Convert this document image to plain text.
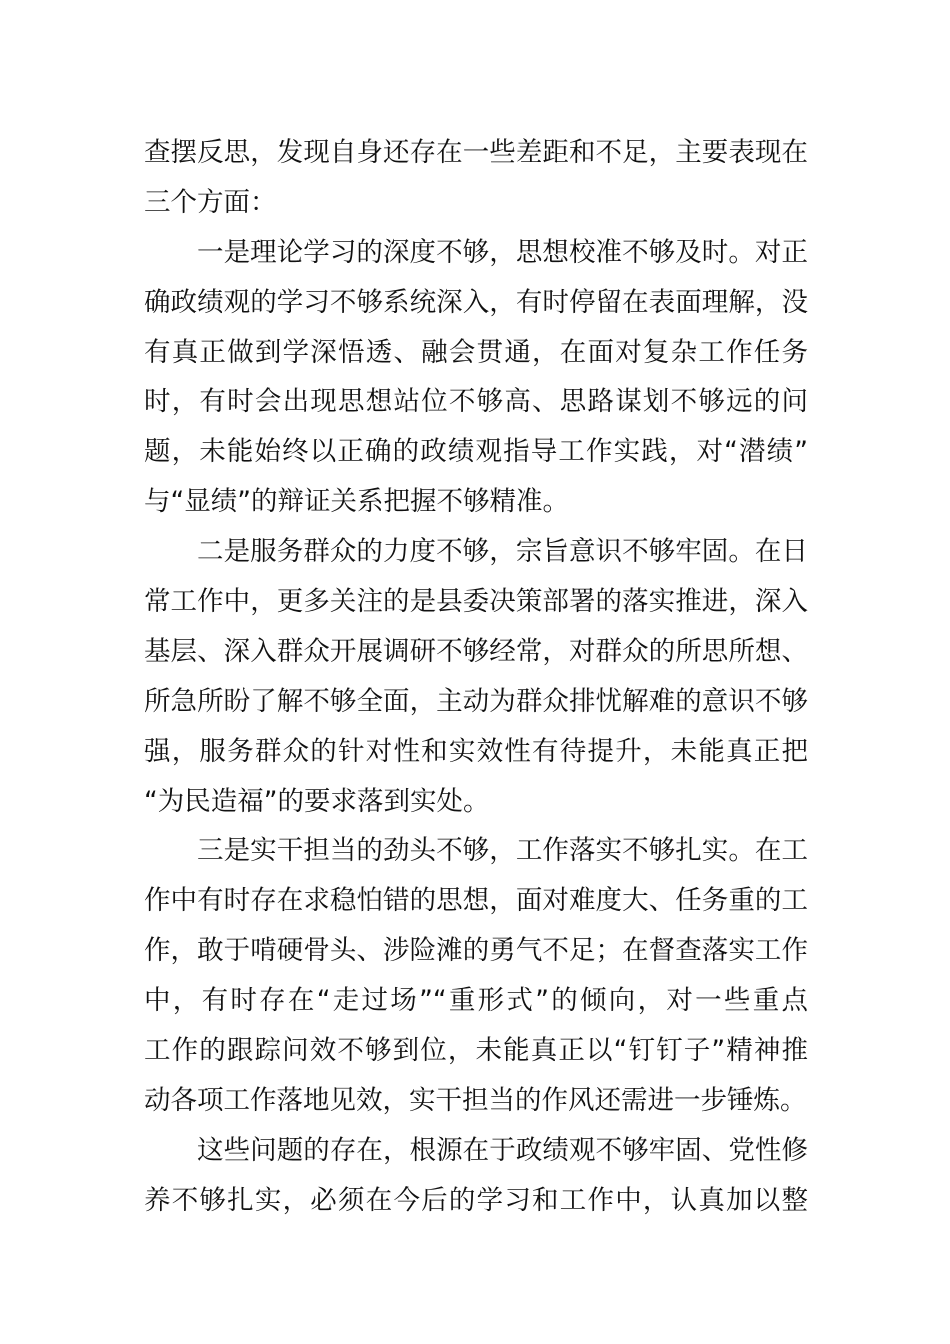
查摆反思，发现自身还存在一些差距和不足，主要表现在
三个方面：
一是理论学习的深度不够，思想校准不够及时。对正
确政绩观的学习不够系统深入，有时停留在表面理解，没
有真正做到学深悟透、融会贯通，在面对复杂工作任务
时，有时会出现思想站位不够高、思路谋划不够远的问
题，未能始终以正确的政绩观指导工作实践，对“潜绩”
与“显绩”的辩证关系把握不够精准。
二是服务群众的力度不够，宗旨意识不够牢固。在日
常工作中，更多关注的是县委决策部署的落实推进，深入
基层、深入群众开展调研不够经常，对群众的所思所想、
所急所盼了解不够全面，主动为群众排忧解难的意识不够
强，服务群众的针对性和实效性有待提升，未能真正把
“为民造福”的要求落到实处。
三是实干担当的劲头不够，工作落实不够扎实。在工
作中有时存在求稳怕错的思想，面对难度大、任务重的工
作，敢于啃硬骨头、涉险滩的勇气不足；在督查落实工作
中，有时存在“走过场”“重形式”的倾向，对一些重点
工作的跟踪问效不够到位，未能真正以“钉钉子”精神推
动各项工作落地见效，实干担当的作风还需进一步锤炼。
这些问题的存在，根源在于政绩观不够牢固、党性修
养不够扎实，必须在今后的学习和工作中，认真加以整
